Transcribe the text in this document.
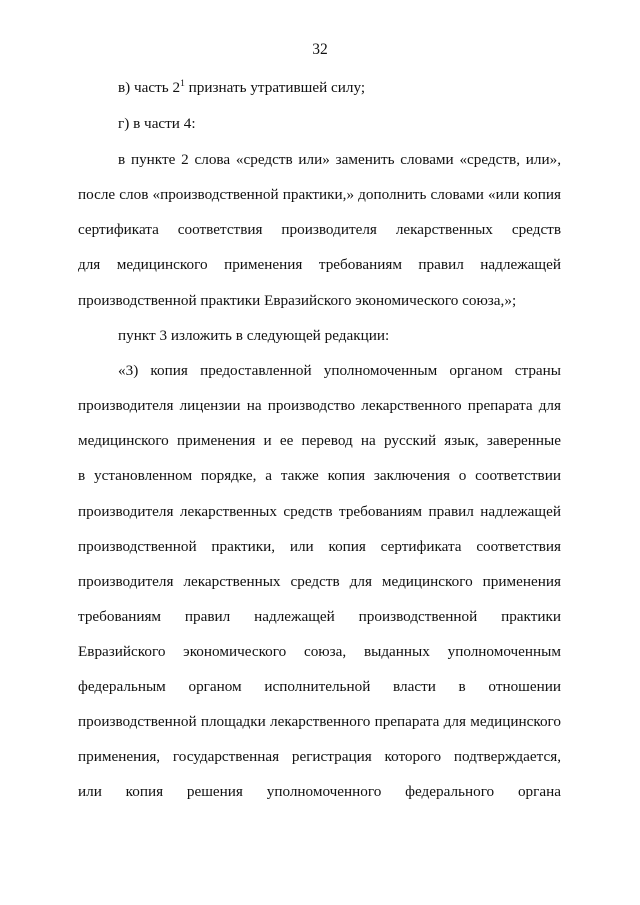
32
в) часть $2^1$ признать утратившей силу;
г) в части 4:
в пункте 2 слова «средств или» заменить словами «средств, или»,
после слов «производственной практики,» дополнить словами «или копия
сертификата соответствия производителя лекарственных средств
для медицинского применения требованиям правил надлежащей
производственной практики Евразийского экономического союза,»;
пункт 3 изложить в следующей редакции:
«3) копия предоставленной уполномоченным органом страны
производителя лицензии на производство лекарственного препарата для
медицинского применения и ее перевод на русский язык, заверенные
в установленном порядке, а также копия заключения о соответствии
производителя лекарственных средств требованиям правил надлежащей
производственной практики, или копия сертификата соответствия
производителя лекарственных средств для медицинского применения
требованиям правил надлежащей производственной практики
Евразийского экономического союза, выданных уполномоченным
федеральным органом исполнительной власти в отношении
производственной площадки лекарственного препарата для медицинского
применения, государственная регистрация которого подтверждается,
или копия решения уполномоченного федерального органа
